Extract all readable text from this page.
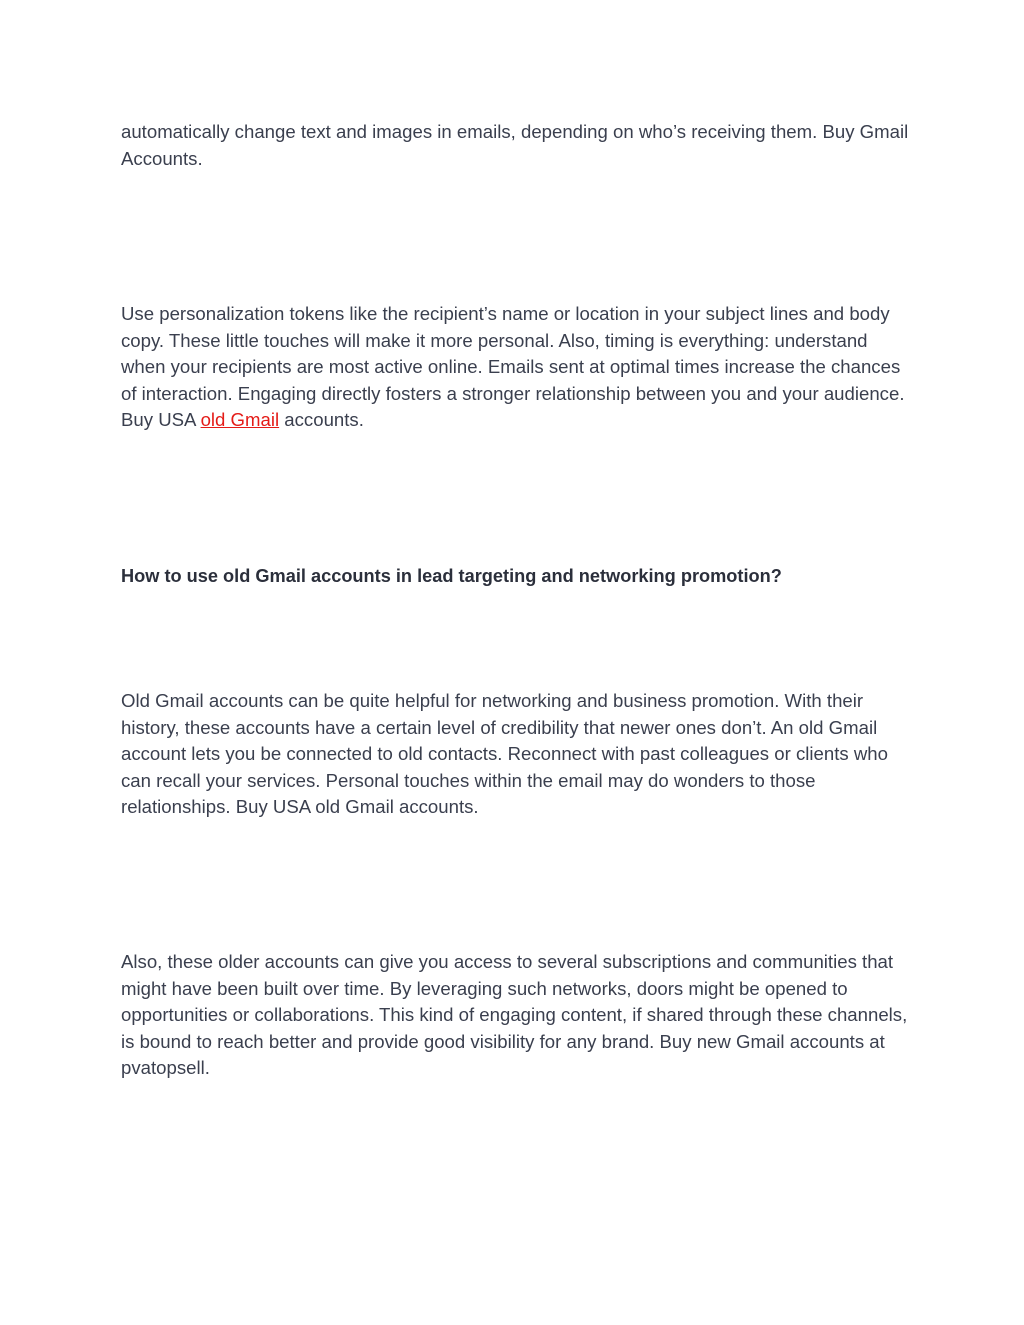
automatically change text and images in emails, depending on who’s receiving them. Buy Gmail Accounts.

Use personalization tokens like the recipient’s name or location in your subject lines and body copy. These little touches will make it more personal. Also, timing is everything: understand when your recipients are most active online. Emails sent at optimal times increase the chances of interaction. Engaging directly fosters a stronger relationship between you and your audience. Buy USA old Gmail accounts.

How to use old Gmail accounts in lead targeting and networking promotion?

Old Gmail accounts can be quite helpful for networking and business promotion. With their history, these accounts have a certain level of credibility that newer ones don’t. An old Gmail account lets you be connected to old contacts. Reconnect with past colleagues or clients who can recall your services. Personal touches within the email may do wonders to those relationships. Buy USA old Gmail accounts.

Also, these older accounts can give you access to several subscriptions and communities that might have been built over time. By leveraging such networks, doors might be opened to opportunities or collaborations. This kind of engaging content, if shared through these channels, is bound to reach better and provide good visibility for any brand. Buy new Gmail accounts at pvatopsell.
